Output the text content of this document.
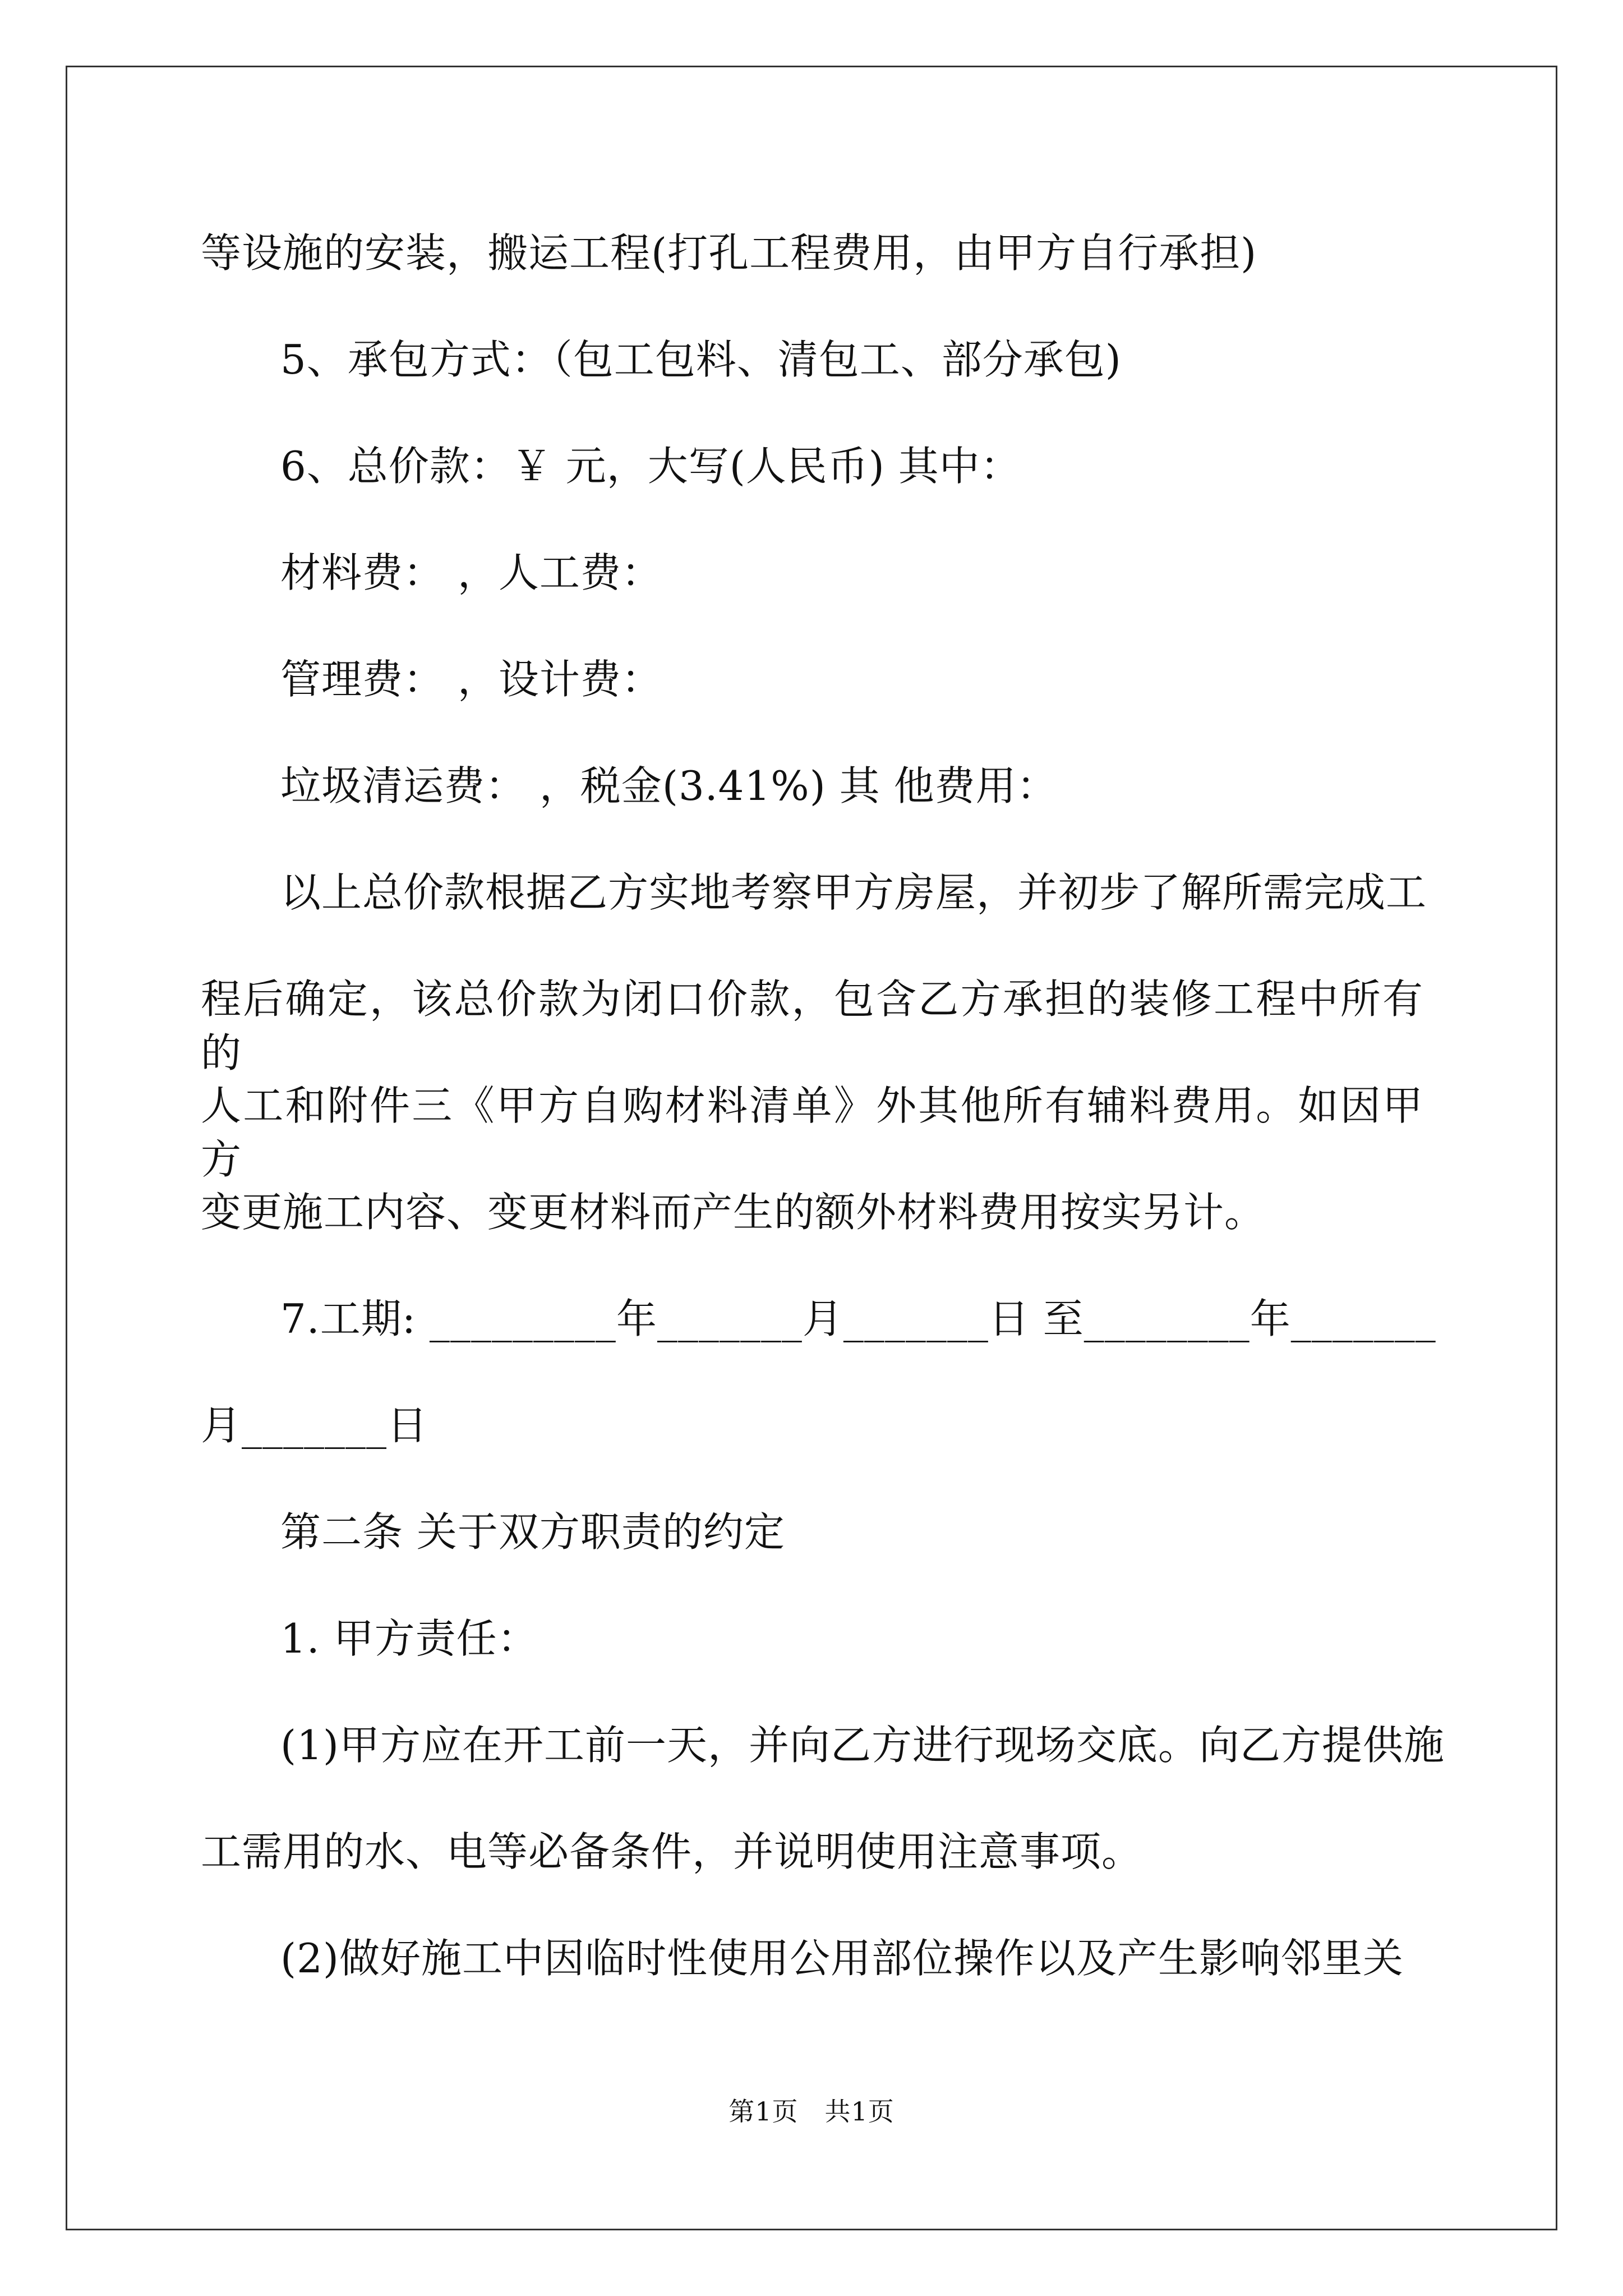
等设施的安装，搬运工程(打孔工程费用，由甲方自行承担)
5、承包方式：（包工包料、清包工、部分承包)
6、总价款：￥ 元，大写(人民币) 其中：
材料费： ，人工费：
管理费： ，设计费：
垃圾清运费： ，税金(3.41%) 其 他费用：
以上总价款根据乙方实地考察甲方房屋，并初步了解所需完成工
程后确定，该总价款为闭口价款，包含乙方承担的装修工程中所有的
人工和附件三《甲方自购材料清单》外其他所有辅料费用。如因甲方
变更施工内容、变更材料而产生的额外材料费用按实另计。
7.工期: _________年_______月_______日 至________年_______
月_______日
第二条 关于双方职责的约定
1. 甲方责任：
(1)甲方应在开工前一天，并向乙方进行现场交底。向乙方提供施
工需用的水、电等必备条件，并说明使用注意事项。
(2)做好施工中因临时性使用公用部位操作以及产生影响邻里关
第1页　共1页
